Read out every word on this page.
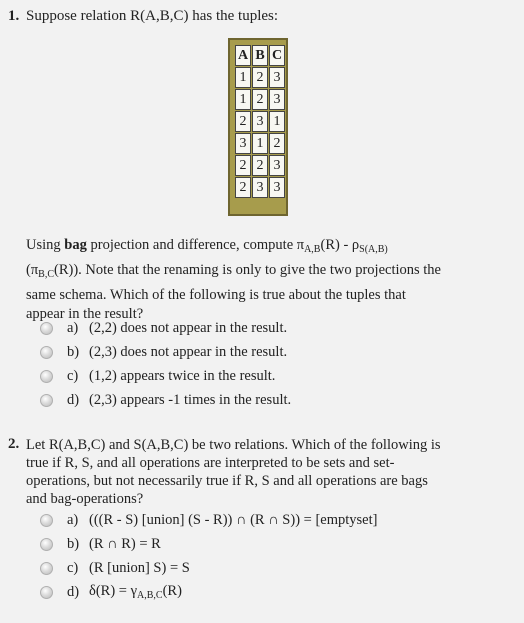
1. Suppose relation R(A,B,C) has the tuples:
A	B	C
1	2	3
1	2	3
2	3	1
3	1	2
2	2	3
2	3	3
Using bag projection and difference, compute $\pi_{A,B}(R) - \rho_{S(A,B)}$
$(\pi_{B,C}(R))$. Note that the renaming is only to give the two projections the
same schema. Which of the following is true about the tuples that
appear in the result?
a) (2,2) does not appear in the result.
b) (2,3) does not appear in the result.
c) (1,2) appears twice in the result.
d) (2,3) appears -1 times in the result.
2. Let R(A,B,C) and S(A,B,C) be two relations. Which of the following is
true if R, S, and all operations are interpreted to be sets and set-
operations, but not necessarily true if R, S and all operations are bags
and bag-operations?
a) (((R - S) [union] (S - R)) ∩ (R ∩ S)) = [emptyset]
b) (R ∩ R) = R
c) (R [union] S) = S
d) $\delta(R) = \gamma_{A,B,C}(R)$
